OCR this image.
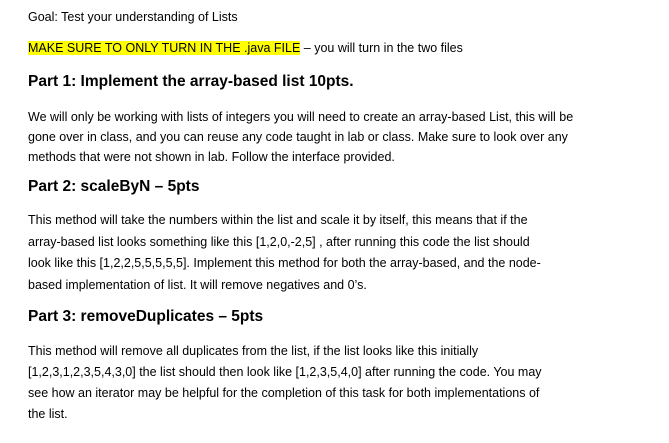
Goal: Test your understanding of Lists
MAKE SURE TO ONLY TURN IN THE .java FILE – you will turn in the two files
Part 1: Implement the array-based list 10pts.
We will only be working with lists of integers you will need to create an array-based List, this will be
gone over in class, and you can reuse any code taught in lab or class. Make sure to look over any
methods that were not shown in lab. Follow the interface provided.
Part 2: scaleByN – 5pts
This method will take the numbers within the list and scale it by itself, this means that if the
array-based list looks something like this [1,2,0,-2,5] , after running this code the list should
look like this [1,2,2,5,5,5,5,5]. Implement this method for both the array-based, and the node-
based implementation of list. It will remove negatives and 0’s.
Part 3: removeDuplicates – 5pts
This method will remove all duplicates from the list, if the list looks like this initially
[1,2,3,1,2,3,5,4,3,0] the list should then look like [1,2,3,5,4,0] after running the code. You may
see how an iterator may be helpful for the completion of this task for both implementations of
the list.
